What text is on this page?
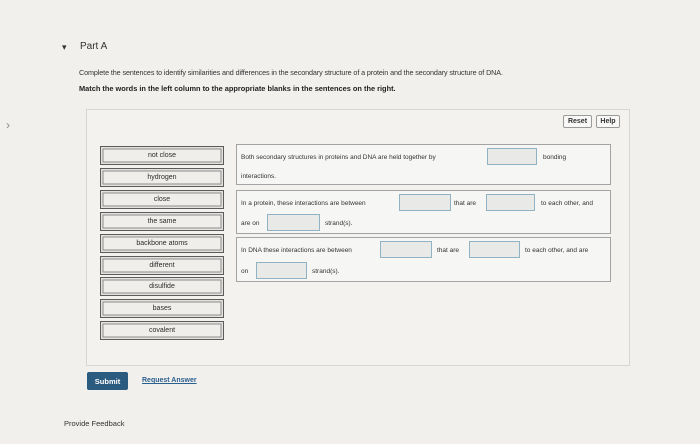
›
▾ Part A
Complete the sentences to identify similarities and differences in the secondary structure of a protein and the secondary structure of DNA.
Match the words in the left column to the appropriate blanks in the sentences on the right.
Reset	Help
not close
hydrogen
close
the same
backbone atoms
different
disulfide
bases
covalent
Both secondary structures in proteins and DNA are held together by	bonding
interactions.
In a protein, these interactions are between	that are	to each other, and
are on	strand(s).
In DNA these interactions are between	that are	to each other, and are
on	strand(s).
Submit	Request Answer
Provide Feedback
